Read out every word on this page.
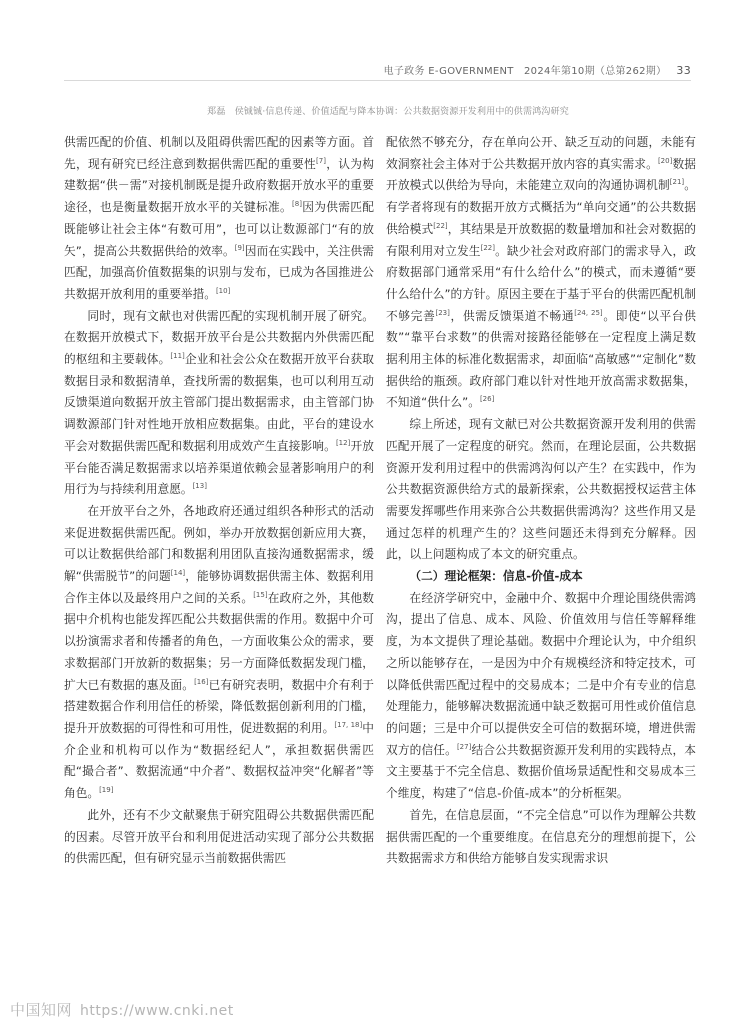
电子政务 E-GOVERNMENT　2024年第10期（总第262期） 33
郑磊　侯铖铖·信息传递、价值适配与降本协调：公共数据资源开发利用中的供需鸿沟研究

供需匹配的价值、机制以及阻碍供需匹配的因素等方面。首先，现有研究已经注意到数据供需匹配的重要性[7]，认为构建数据“供－需”对接机制既是提升政府数据开放水平的重要途径，也是衡量数据开放水平的关键标准。[8]因为供需匹配既能够让社会主体“有数可用”，也可以让数源部门“有的放矢”，提高公共数据供给的效率。[9]因而在实践中，关注供需匹配，加强高价值数据集的识别与发布，已成为各国推进公共数据开放利用的重要举措。[10]

同时，现有文献也对供需匹配的实现机制开展了研究。在数据开放模式下，数据开放平台是公共数据内外供需匹配的枢纽和主要载体。[11]企业和社会公众在数据开放平台获取数据目录和数据清单，查找所需的数据集，也可以利用互动反馈渠道向数据开放主管部门提出数据需求，由主管部门协调数源部门针对性地开放相应数据集。由此，平台的建设水平会对数据供需匹配和数据利用成效产生直接影响。[12]开放平台能否满足数据需求以培养渠道依赖会显著影响用户的利用行为与持续利用意愿。[13]

在开放平台之外，各地政府还通过组织各种形式的活动来促进数据供需匹配。例如，举办开放数据创新应用大赛，可以让数据供给部门和数据利用团队直接沟通数据需求，缓解“供需脱节”的问题[14]，能够协调数据供需主体、数据利用合作主体以及最终用户之间的关系。[15]在政府之外，其他数据中介机构也能发挥匹配公共数据供需的作用。数据中介可以扮演需求者和传播者的角色，一方面收集公众的需求，要求数据部门开放新的数据集；另一方面降低数据发现门槛，扩大已有数据的惠及面。[16]已有研究表明，数据中介有利于搭建数据合作利用信任的桥梁，降低数据创新利用的门槛，提升开放数据的可得性和可用性，促进数据的利用。[17, 18]中介企业和机构可以作为“数据经纪人”，承担数据供需匹配“撮合者”、数据流通“中介者”、数据权益冲突“化解者”等角色。[19]

此外，还有不少文献聚焦于研究阻碍公共数据供需匹配的因素。尽管开放平台和利用促进活动实现了部分公共数据的供需匹配，但有研究显示当前数据供需匹

配依然不够充分，存在单向公开、缺乏互动的问题，未能有效洞察社会主体对于公共数据开放内容的真实需求。[20]数据开放模式以供给为导向，未能建立双向的沟通协调机制[21]。有学者将现有的数据开放方式概括为“单向交通”的公共数据供给模式[22]，其结果是开放数据的数量增加和社会对数据的有限利用对立发生[22]。缺少社会对政府部门的需求导入，政府数据部门通常采用“有什么给什么”的模式，而未遵循“要什么给什么”的方针。原因主要在于基于平台的供需匹配机制不够完善[23]，供需反馈渠道不畅通[24, 25]。即使“以平台供数”“靠平台求数”的供需对接路径能够在一定程度上满足数据利用主体的标准化数据需求，却面临“高敏感”“定制化”数据供给的瓶颈。政府部门难以针对性地开放高需求数据集，不知道“供什么”。[26]

综上所述，现有文献已对公共数据资源开发利用的供需匹配开展了一定程度的研究。然而，在理论层面，公共数据资源开发利用过程中的供需鸿沟何以产生？在实践中，作为公共数据资源供给方式的最新探索，公共数据授权运营主体需要发挥哪些作用来弥合公共数据供需鸿沟？这些作用又是通过怎样的机理产生的？这些问题还未得到充分解释。因此，以上问题构成了本文的研究重点。

（二）理论框架：信息-价值-成本

在经济学研究中，金融中介、数据中介理论围绕供需鸿沟，提出了信息、成本、风险、价值效用与信任等解释维度，为本文提供了理论基础。数据中介理论认为，中介组织之所以能够存在，一是因为中介有规模经济和特定技术，可以降低供需匹配过程中的交易成本；二是中介有专业的信息处理能力，能够解决数据流通中缺乏数据可用性或价值信息的问题；三是中介可以提供安全可信的数据环境，增进供需双方的信任。[27]结合公共数据资源开发利用的实践特点，本文主要基于不完全信息、数据价值场景适配性和交易成本三个维度，构建了“信息-价值-成本”的分析框架。

首先，在信息层面，“不完全信息”可以作为理解公共数据供需匹配的一个重要维度。在信息充分的理想前提下，公共数据需求方和供给方能够自发实现需求识

中国知网 https://www.cnki.net
